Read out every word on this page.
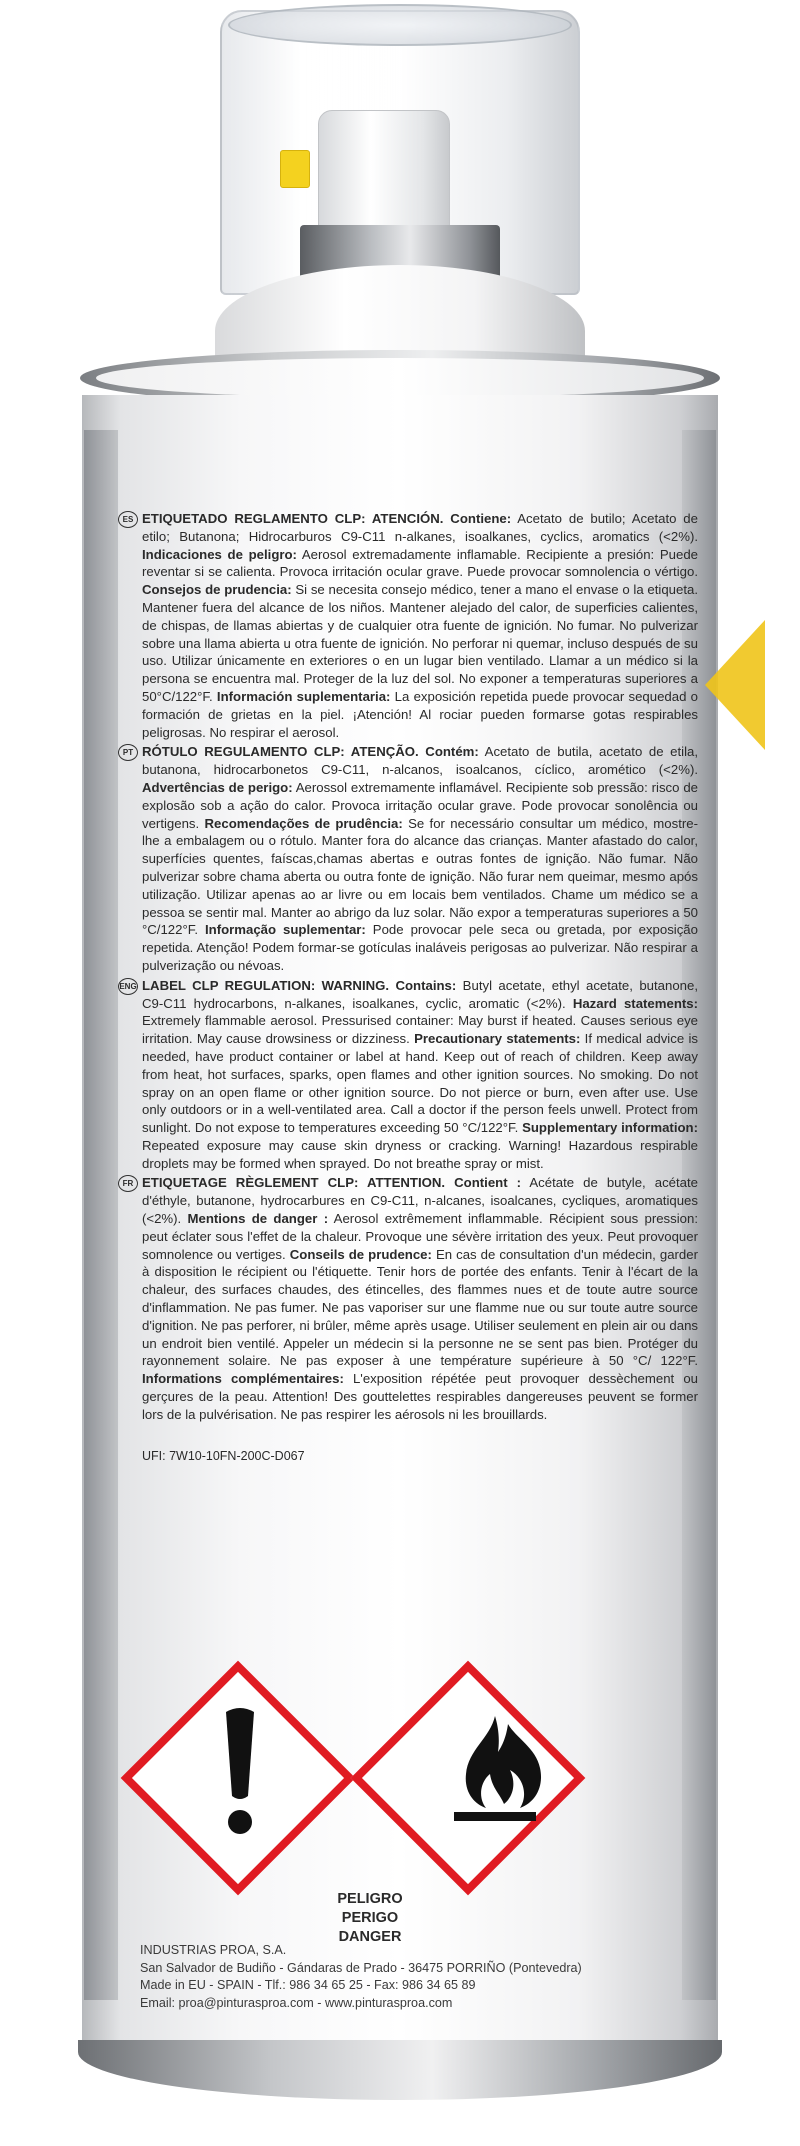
ES ETIQUETADO REGLAMENTO CLP: ATENCIÓN. Contiene: Acetato de butilo; Acetato de etilo; Butanona; Hidrocarburos C9-C11 n-alkanes, isoalkanes, cyclics, aromatics (<2%). Indicaciones de peligro: Aerosol extremadamente inflamable. Recipiente a presión: Puede reventar si se calienta. Provoca irritación ocular grave. Puede provocar somnolencia o vértigo. Consejos de prudencia: Si se necesita consejo médico, tener a mano el envase o la etiqueta. Mantener fuera del alcance de los niños. Mantener alejado del calor, de superficies calientes, de chispas, de llamas abiertas y de cualquier otra fuente de ignición. No fumar. No pulverizar sobre una llama abierta u otra fuente de ignición. No perforar ni quemar, incluso después de su uso. Utilizar únicamente en exteriores o en un lugar bien ventilado. Llamar a un médico si la persona se encuentra mal. Proteger de la luz del sol. No exponer a temperaturas superiores a 50°C/122°F. Información suplementaria: La exposición repetida puede provocar sequedad o formación de grietas en la piel. ¡Atención! Al rociar pueden formarse gotas respirables peligrosas. No respirar el aerosol.
PT RÓTULO REGULAMENTO CLP: ATENÇÃO. Contém: Acetato de butila, acetato de etila, butanona, hidrocarbonetos C9-C11, n-alcanos, isoalcanos, cíclico, aromético (<2%). Advertências de perigo: Aerossol extremamente inflamável. Recipiente sob pressão: risco de explosão sob a ação do calor. Provoca irritação ocular grave. Pode provocar sonolência ou vertigens. Recomendações de prudência: Se for necessário consultar um médico, mostre-lhe a embalagem ou o rótulo. Manter fora do alcance das crianças. Manter afastado do calor, superfícies quentes, faíscas,chamas abertas e outras fontes de ignição. Não fumar. Não pulverizar sobre chama aberta ou outra fonte de ignição. Não furar nem queimar, mesmo após utilização. Utilizar apenas ao ar livre ou em locais bem ventilados. Chame um médico se a pessoa se sentir mal. Manter ao abrigo da luz solar. Não expor a temperaturas superiores a 50 °C/122°F. Informação suplementar: Pode provocar pele seca ou gretada, por exposição repetida. Atenção! Podem formar-se gotículas inaláveis perigosas ao pulverizar. Não respirar a pulverização ou névoas.
ENG LABEL CLP REGULATION: WARNING. Contains: Butyl acetate, ethyl acetate, butanone, C9-C11 hydrocarbons, n-alkanes, isoalkanes, cyclic, aromatic (<2%). Hazard statements: Extremely flammable aerosol. Pressurised container: May burst if heated. Causes serious eye irritation. May cause drowsiness or dizziness. Precautionary statements: If medical advice is needed, have product container or label at hand. Keep out of reach of children. Keep away from heat, hot surfaces, sparks, open flames and other ignition sources. No smoking. Do not spray on an open flame or other ignition source. Do not pierce or burn, even after use. Use only outdoors or in a well-ventilated area. Call a doctor if the person feels unwell. Protect from sunlight. Do not expose to temperatures exceeding 50 °C/122°F. Supplementary information: Repeated exposure may cause skin dryness or cracking. Warning! Hazardous respirable droplets may be formed when sprayed. Do not breathe spray or mist.
FR ETIQUETAGE RÈGLEMENT CLP: ATTENTION. Contient : Acétate de butyle, acétate d'éthyle, butanone, hydrocarbures en C9-C11, n-alcanes, isoalcanes, cycliques, aromatiques (<2%). Mentions de danger : Aerosol extrêmement inflammable. Récipient sous pression: peut éclater sous l'effet de la chaleur. Provoque une sévère irritation des yeux. Peut provoquer somnolence ou vertiges. Conseils de prudence: En cas de consultation d'un médecin, garder à disposition le récipient ou l'étiquette. Tenir hors de portée des enfants. Tenir à l'écart de la chaleur, des surfaces chaudes, des étincelles, des flammes nues et de toute autre source d'inflammation. Ne pas fumer. Ne pas vaporiser sur une flamme nue ou sur toute autre source d'ignition. Ne pas perforer, ni brûler, même après usage. Utiliser seulement en plein air ou dans un endroit bien ventilé. Appeler un médecin si la personne ne se sent pas bien. Protéger du rayonnement solaire. Ne pas exposer à une température supérieure à 50 °C/ 122°F. Informations complémentaires: L'exposition répétée peut provoquer dessèchement ou gerçures de la peau. Attention! Des gouttelettes respirables dangereuses peuvent se former lors de la pulvérisation. Ne pas respirer les aérosols ni les brouillards.
UFI: 7W10-10FN-200C-D067
PELIGRO
PERIGO
DANGER
INDUSTRIAS PROA, S.A.
San Salvador de Budiño - Gándaras de Prado - 36475 PORRIÑO (Pontevedra)
Made in EU - SPAIN - Tlf.: 986 34 65 25 - Fax: 986 34 65 89
Email: proa@pinturasproa.com - www.pinturasproa.com
